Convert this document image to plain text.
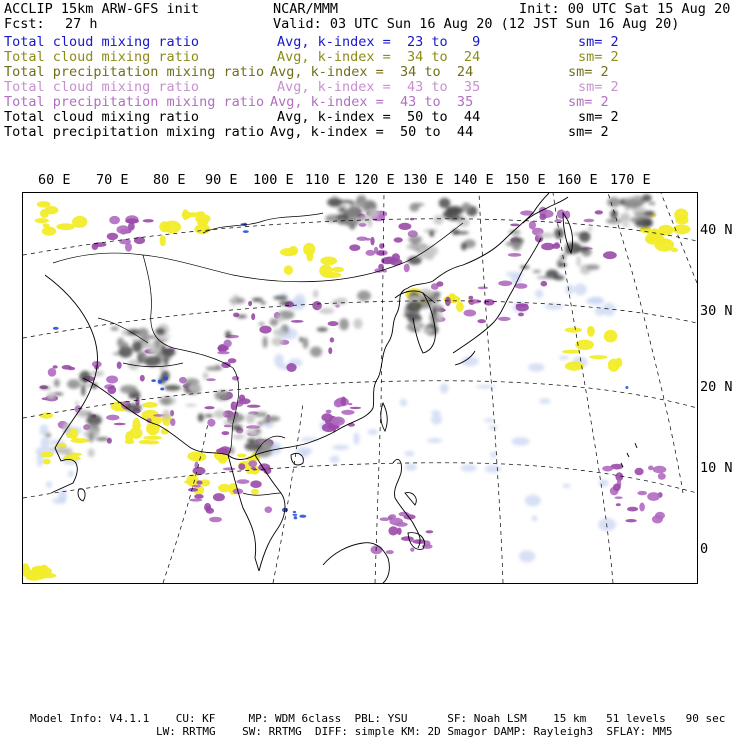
ACCLIP 15km ARW-GFS init	NCAR/MMM	Init: 00 UTC Sat 15 Aug 20
Fcst: 27 h	Valid: 03 UTC Sun 16 Aug 20 (12 JST Sun 16 Aug 20)
Total cloud mixing ratio	Avg, k-index =  23 to   9	sm= 2
Total cloud mixing ratio	Avg, k-index =  34 to  24	sm= 2
Total precipitation mixing ratio Avg, k-index =  34 to  24	sm= 2
Total cloud mixing ratio	Avg, k-index =  43 to  35	sm= 2
Total precipitation mixing ratio Avg, k-index =  43 to  35	sm= 2
Total cloud mixing ratio	Avg, k-index =  50 to  44	sm= 2
Total precipitation mixing ratio Avg, k-index =  50 to  44	sm= 2
60 E 70 E 80 E 90 E 100 E 110 E 120 E 130 E 140 E 150 E 160 E 170 E
40 N
30 N
20 N
10 N
0
Model Info: V4.1.1    CU: KF     MP: WDM 6class  PBL: YSU      SF: Noah LSM    15 km   51 levels   90 sec
LW: RRTMG    SW: RRTMG  DIFF: simple KM: 2D Smagor DAMP: Rayleigh3  SFLAY: MM5
